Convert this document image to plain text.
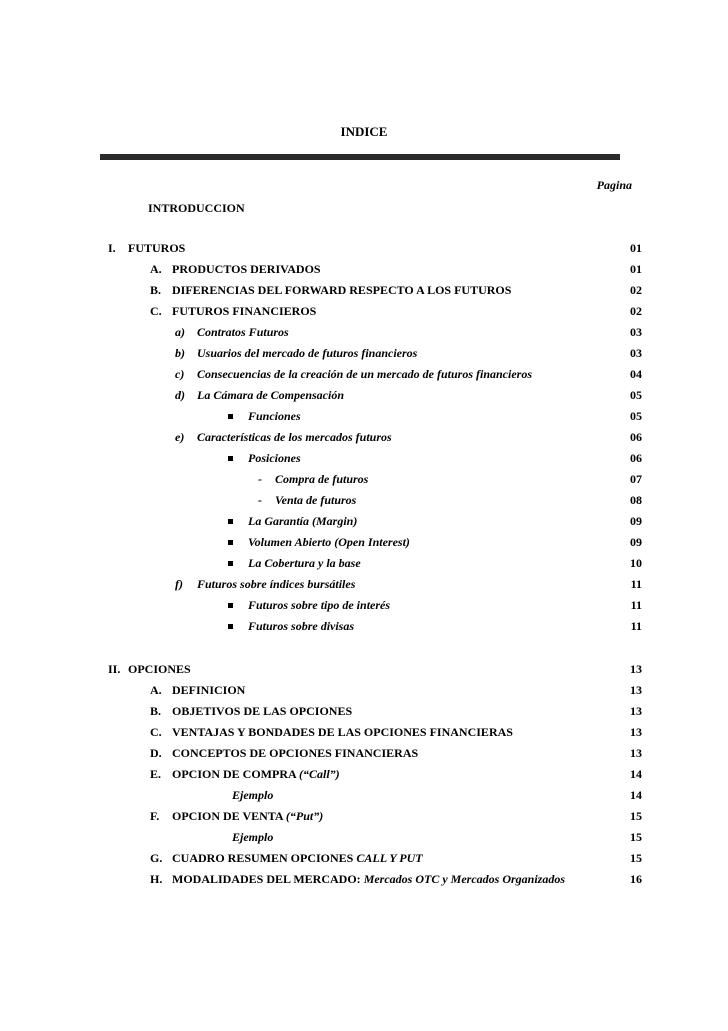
INDICE
Pagina
INTRODUCCION
I. FUTUROS	01
A. PRODUCTOS DERIVADOS	01
B. DIFERENCIAS DEL FORWARD RESPECTO A LOS FUTUROS	02
C. FUTUROS FINANCIEROS	02
a) Contratos Futuros	03
b) Usuarios del mercado de futuros financieros	03
c) Consecuencias de la creación de un mercado de futuros financieros	04
d) La Cámara de Compensación	05
Funciones	05
e) Características de los mercados futuros	06
Posiciones	06
- Compra de futuros	07
- Venta de futuros	08
La Garantía (Margin)	09
Volumen Abierto (Open Interest)	09
La Cobertura y la base	10
f) Futuros sobre índices bursátiles	11
Futuros sobre tipo de interés	11
Futuros sobre divisas	11
II. OPCIONES	13
A. DEFINICION	13
B. OBJETIVOS DE LAS OPCIONES	13
C. VENTAJAS Y BONDADES DE LAS OPCIONES FINANCIERAS	13
D. CONCEPTOS DE OPCIONES FINANCIERAS	13
E. OPCION DE COMPRA (“Call”)	14
Ejemplo	14
F. OPCION DE VENTA (“Put”)	15
Ejemplo	15
G. CUADRO RESUMEN OPCIONES CALL Y PUT	15
H. MODALIDADES DEL MERCADO: Mercados OTC y Mercados Organizados	16
